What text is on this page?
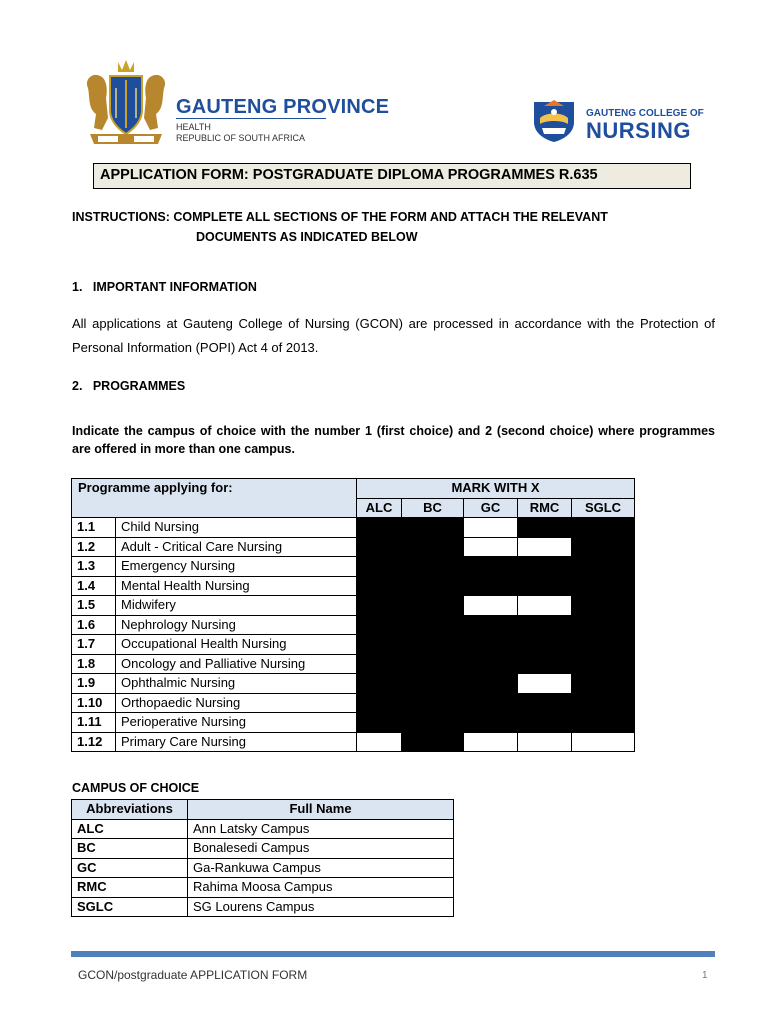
GAUTENG PROVINCE
HEALTH
REPUBLIC OF SOUTH AFRICA
GAUTENG COLLEGE OF
NURSING
APPLICATION FORM: POSTGRADUATE DIPLOMA PROGRAMMES R.635
INSTRUCTIONS: COMPLETE ALL SECTIONS OF THE FORM AND ATTACH THE RELEVANT
DOCUMENTS AS INDICATED BELOW
1.   IMPORTANT INFORMATION
All applications at Gauteng College of Nursing (GCON) are processed in accordance with the Protection of Personal Information (POPI) Act 4 of 2013.
2.   PROGRAMMES
Indicate the campus of choice with the number 1 (first choice) and 2 (second choice) where programmes are offered in more than one campus.
Programme applying for:		MARK WITH X				
		ALC	BC	GC	RMC	SGLC
1.1	Child Nursing					
1.2	Adult - Critical Care Nursing					
1.3	Emergency Nursing					
1.4	Mental Health Nursing					
1.5	Midwifery					
1.6	Nephrology Nursing					
1.7	Occupational Health Nursing					
1.8	Oncology and Palliative Nursing					
1.9	Ophthalmic Nursing					
1.10	Orthopaedic Nursing					
1.11	Perioperative Nursing					
1.12	Primary Care Nursing					
CAMPUS OF CHOICE
Abbreviations	Full Name
ALC	Ann Latsky Campus
BC	Bonalesedi Campus
GC	Ga-Rankuwa Campus
RMC	Rahima Moosa Campus
SGLC	SG Lourens Campus
GCON/postgraduate APPLICATION FORM	1
